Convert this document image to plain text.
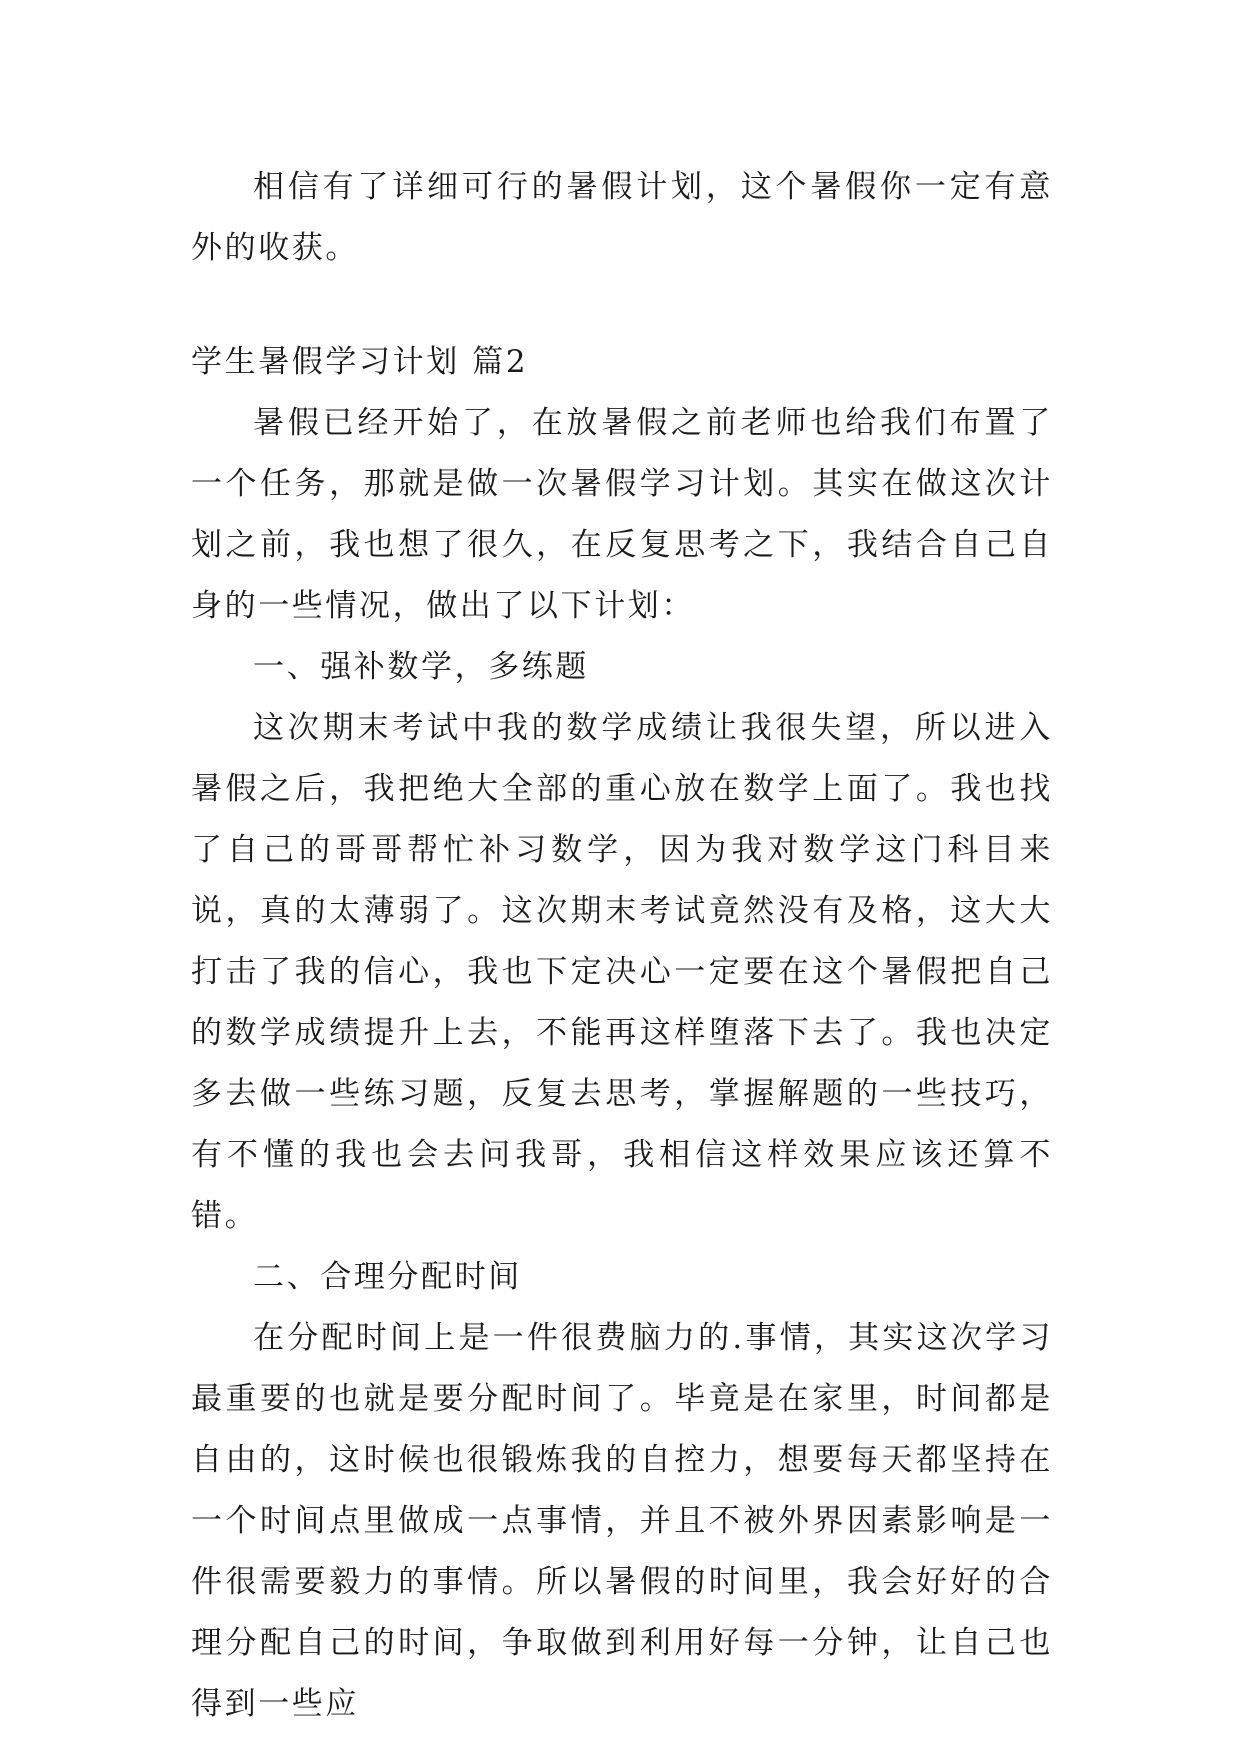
相信有了详细可行的暑假计划，这个暑假你一定有意外的收获。

学生暑假学习计划 篇2

暑假已经开始了，在放暑假之前老师也给我们布置了一个任务，那就是做一次暑假学习计划。其实在做这次计划之前，我也想了很久，在反复思考之下，我结合自己自身的一些情况，做出了以下计划：

一、强补数学，多练题

这次期末考试中我的数学成绩让我很失望，所以进入暑假之后，我把绝大全部的重心放在数学上面了。我也找了自己的哥哥帮忙补习数学，因为我对数学这门科目来说，真的太薄弱了。这次期末考试竟然没有及格，这大大打击了我的信心，我也下定决心一定要在这个暑假把自己的数学成绩提升上去，不能再这样堕落下去了。我也决定多去做一些练习题，反复去思考，掌握解题的一些技巧，有不懂的我也会去问我哥，我相信这样效果应该还算不错。

二、合理分配时间

在分配时间上是一件很费脑力的.事情，其实这次学习最重要的也就是要分配时间了。毕竟是在家里，时间都是自由的，这时候也很锻炼我的自控力，想要每天都坚持在一个时间点里做成一点事情，并且不被外界因素影响是一件很需要毅力的事情。所以暑假的时间里，我会好好的合理分配自己的时间，争取做到利用好每一分钟，让自己也得到一些应
